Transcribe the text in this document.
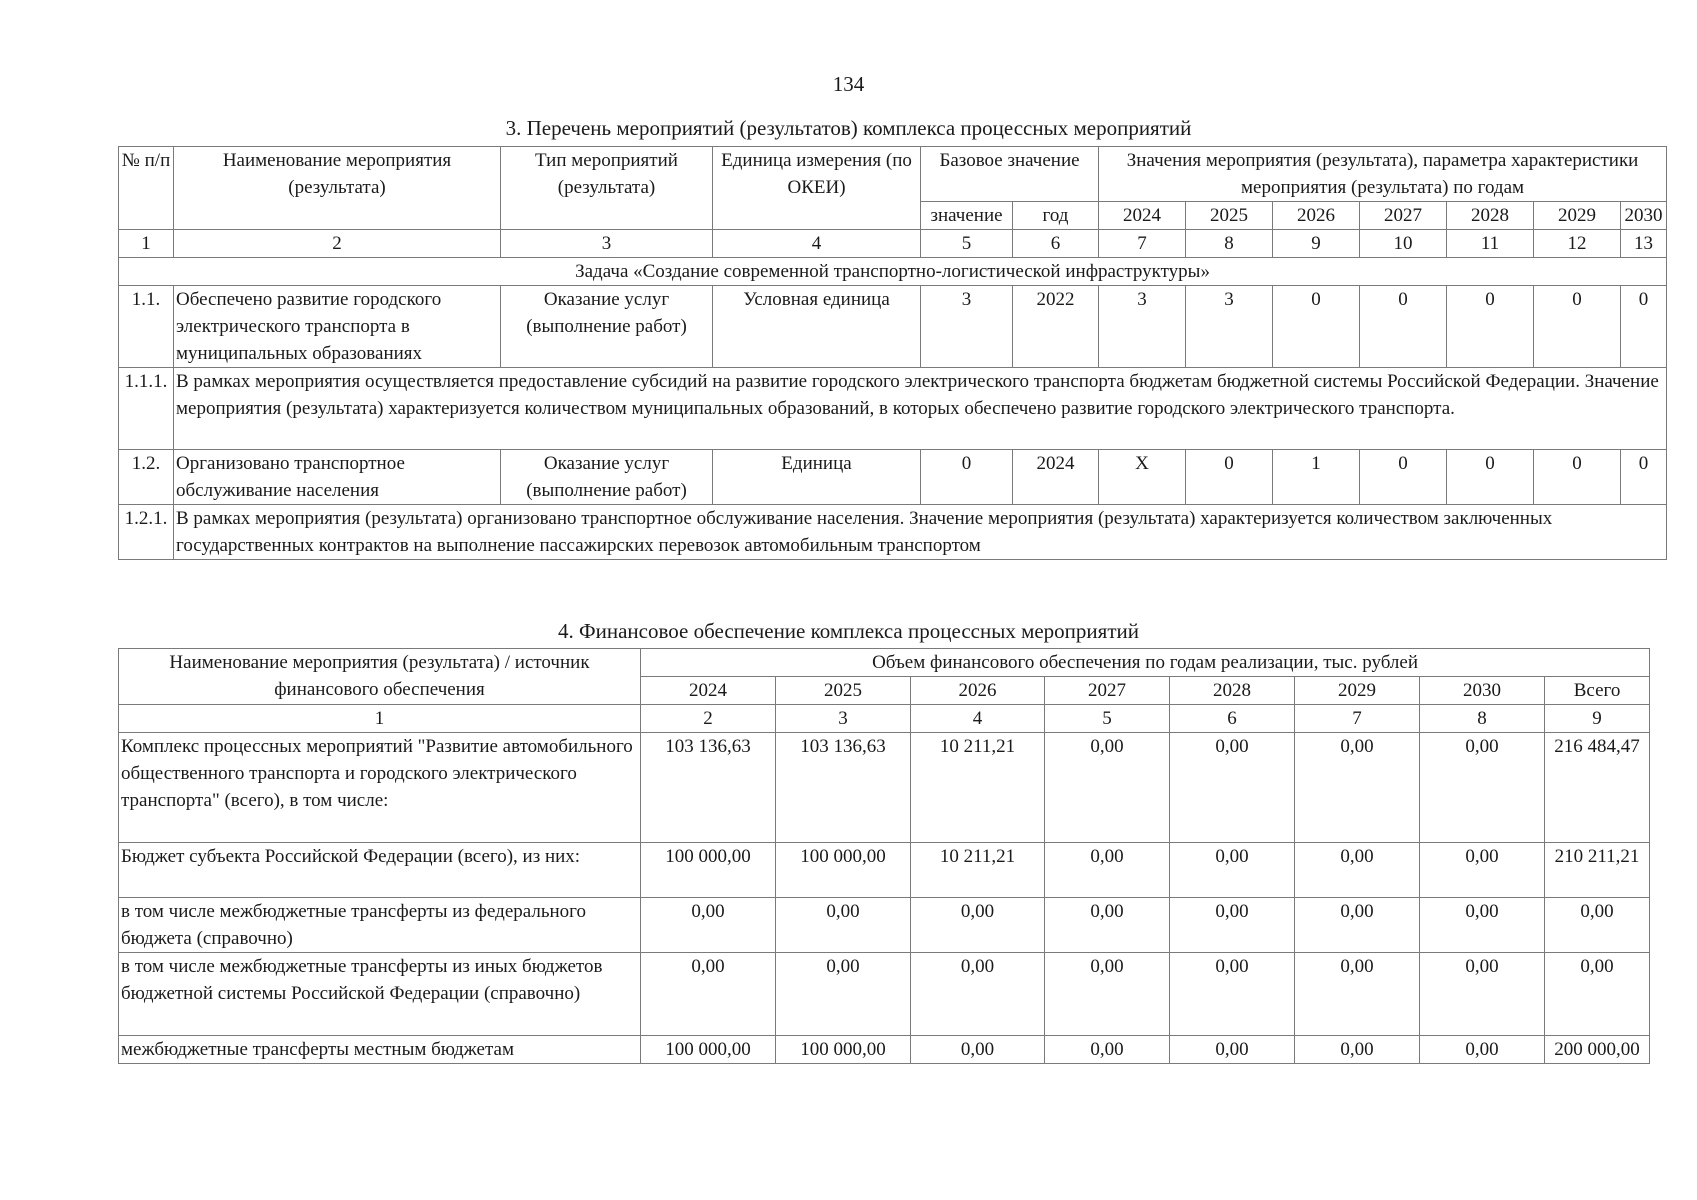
134
3. Перечень мероприятий (результатов) комплекса процессных мероприятий
№ п/п	Наименование мероприятия (результата)	Тип мероприятий (результата)	Единица измерения (по ОКЕИ)	Базовое значение		Значения мероприятия (результата), параметра характеристики мероприятия (результата) по годам						
				значение	год	2024	2025	2026	2027	2028	2029	2030
1	2	3	4	5	6	7	8	9	10	11	12	13
Задача «Создание современной транспортно-логистической инфраструктуры»												
1.1.	Обеспечено развитие городского электрического транспорта в муниципальных образованиях	Оказание услуг (выполнение работ)	Условная единица	3	2022	3	3	0	0	0	0	0
1.1.1.	В рамках мероприятия осуществляется предоставление субсидий на развитие городского электрического транспорта бюджетам бюджетной системы Российской Федерации. Значение мероприятия (результата) характеризуется количеством муниципальных образований, в которых обеспечено развитие городского электрического транспорта.											
1.2.	Организовано транспортное обслуживание населения	Оказание услуг (выполнение работ)	Единица	0	2024	X	0	1	0	0	0	0
1.2.1.	В рамках мероприятия (результата) организовано транспортное обслуживание населения. Значение мероприятия (результата) характеризуется количеством заключенных государственных контрактов на выполнение пассажирских перевозок автомобильным транспортом											
4. Финансовое обеспечение комплекса процессных мероприятий
Наименование мероприятия (результата) / источник финансового обеспечения	Объем финансового обеспечения по годам реализации, тыс. рублей							
	2024	2025	2026	2027	2028	2029	2030	Всего
1	2	3	4	5	6	7	8	9
Комплекс процессных мероприятий "Развитие автомобильного общественного транспорта и городского электрического транспорта" (всего), в том числе:	103 136,63	103 136,63	10 211,21	0,00	0,00	0,00	0,00	216 484,47
Бюджет субъекта Российской Федерации (всего), из них:	100 000,00	100 000,00	10 211,21	0,00	0,00	0,00	0,00	210 211,21
в том числе межбюджетные трансферты из федерального бюджета (справочно)	0,00	0,00	0,00	0,00	0,00	0,00	0,00	0,00
в том числе межбюджетные трансферты из иных бюджетов бюджетной системы Российской Федерации (справочно)	0,00	0,00	0,00	0,00	0,00	0,00	0,00	0,00
межбюджетные трансферты местным бюджетам	100 000,00	100 000,00	0,00	0,00	0,00	0,00	0,00	200 000,00
